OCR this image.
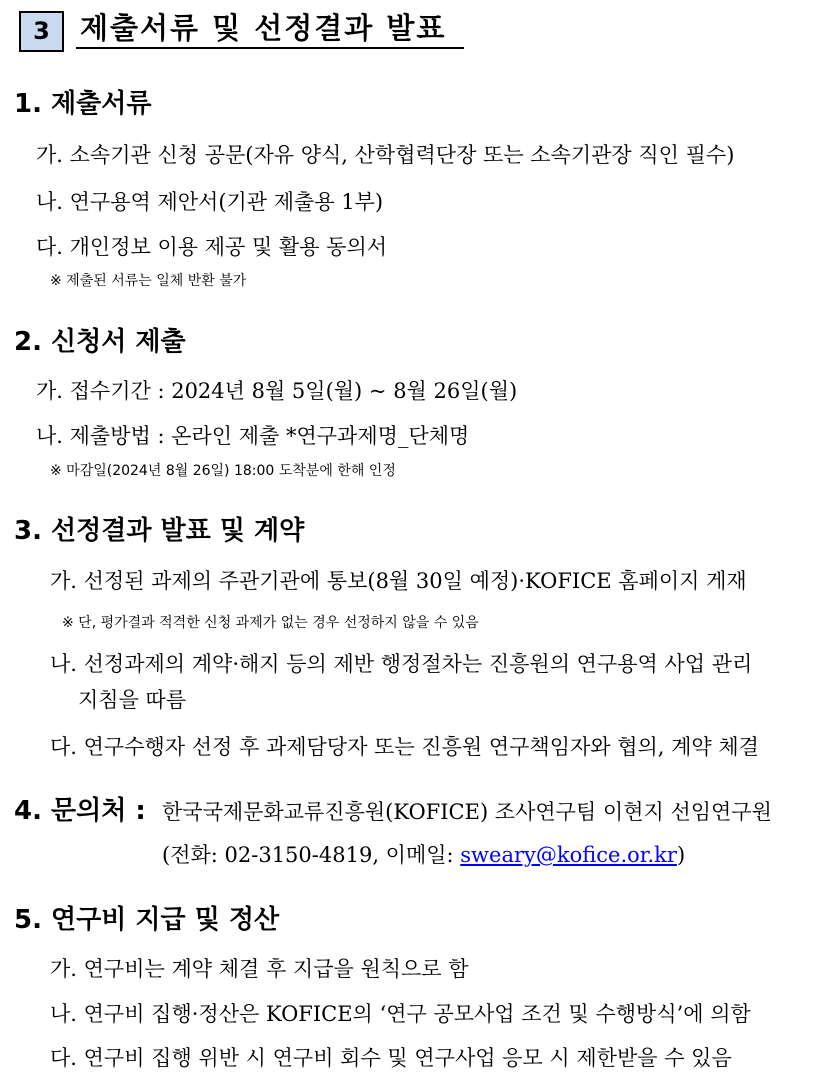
3	제출서류 및 선정결과 발표
1. 제출서류
가. 소속기관 신청 공문(자유 양식, 산학협력단장 또는 소속기관장 직인 필수)
나. 연구용역 제안서(기관 제출용 1부)
다. 개인정보 이용 제공 및 활용 동의서
※ 제출된 서류는 일체 반환 불가
2. 신청서 제출
가. 접수기간 : 2024년 8월 5일(월) ~ 8월 26일(월)
나. 제출방법 : 온라인 제출 *연구과제명_단체명
※ 마감일(2024년 8월 26일) 18:00 도착분에 한해 인정
3. 선정결과 발표 및 계약
가. 선정된 과제의 주관기관에 통보(8월 30일 예정)·KOFICE 홈페이지 게재
※ 단, 평가결과 적격한 신청 과제가 없는 경우 선정하지 않을 수 있음
나. 선정과제의 계약·해지 등의 제반 행정절차는 진흥원의 연구용역 사업 관리
지침을 따름
다. 연구수행자 선정 후 과제담당자 또는 진흥원 연구책임자와 협의, 계약 체결
4. 문의처 : 한국국제문화교류진흥원(KOFICE) 조사연구팀 이현지 선임연구원
(전화: 02-3150-4819, 이메일: sweary@kofice.or.kr)
5. 연구비 지급 및 정산
가. 연구비는 계약 체결 후 지급을 원칙으로 함
나. 연구비 집행·정산은 KOFICE의 ‘연구 공모사업 조건 및 수행방식’에 의함
다. 연구비 집행 위반 시 연구비 회수 및 연구사업 응모 시 제한받을 수 있음
